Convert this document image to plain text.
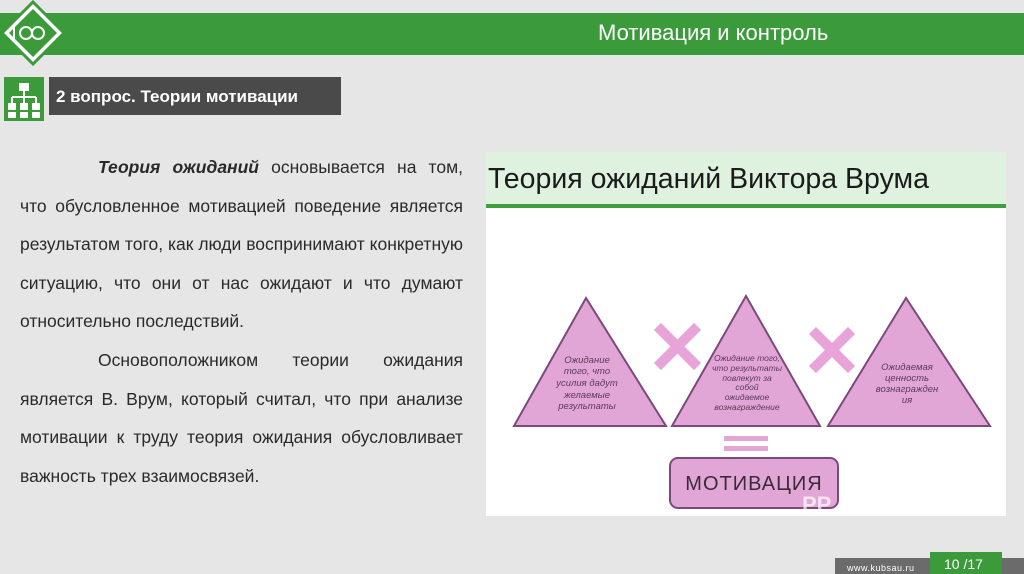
Мотивация и контроль
2 вопрос. Теории мотивации

Теория ожиданий основывается на том, что обусловленное мотивацией поведение является результатом того, как люди воспринимают конкретную ситуацию, что они от нас ожидают и что думают относительно последствий.

Основоположником теории ожидания является В. Врум, который считал, что при анализе мотивации к труду теория ожидания обусловливает важность трех взаимосвязей.

Теория ожиданий Виктора Врума
МОТИВАЦИЯ
PP
Ожидание
того, что
усилия дадут
желаемые
результаты
Ожидание того,
что результаты
повлекут за
собой
ожидаемое
вознаграждение
Ожидаемая
ценность
вознагражден
ия
www.kubsau.ru 10 /17
